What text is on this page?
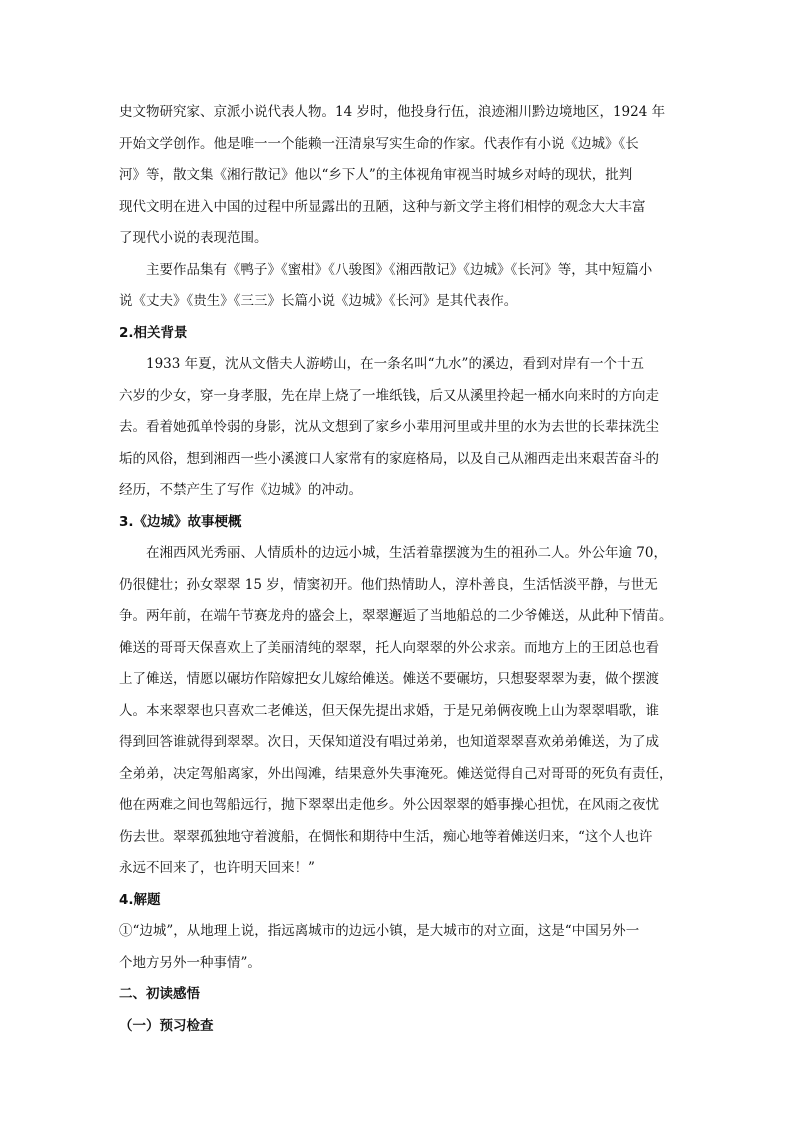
史文物研究家、京派小说代表人物。14 岁时，他投身行伍，浪迹湘川黔边境地区，1924 年
开始文学创作。他是唯一一个能赖一汪清泉写实生命的作家。代表作有小说《边城》《长
河》等，散文集《湘行散记》他以“乡下人”的主体视角审视当时城乡对峙的现状，批判
现代文明在进入中国的过程中所显露出的丑陋，这种与新文学主将们相悖的观念大大丰富
了现代小说的表现范围。
主要作品集有《鸭子》《蜜柑》《八骏图》《湘西散记》《边城》《长河》等，其中短篇小
说《丈夫》《贵生》《三三》长篇小说《边城》《长河》是其代表作。
2.相关背景
1933 年夏，沈从文偕夫人游崂山，在一条名叫“九水”的溪边，看到对岸有一个十五
六岁的少女，穿一身孝服，先在岸上烧了一堆纸钱，后又从溪里拎起一桶水向来时的方向走
去。看着她孤单怜弱的身影，沈从文想到了家乡小辈用河里或井里的水为去世的长辈抹洗尘
垢的风俗，想到湘西一些小溪渡口人家常有的家庭格局，以及自己从湘西走出来艰苦奋斗的
经历，不禁产生了写作《边城》的冲动。
3.《边城》故事梗概
在湘西风光秀丽、人情质朴的边远小城，生活着靠摆渡为生的祖孙二人。外公年逾 70，
仍很健壮；孙女翠翠 15 岁，情窦初开。他们热情助人，淳朴善良，生活恬淡平静，与世无
争。两年前，在端午节赛龙舟的盛会上，翠翠邂逅了当地船总的二少爷傩送，从此种下情苗。
傩送的哥哥天保喜欢上了美丽清纯的翠翠，托人向翠翠的外公求亲。而地方上的王团总也看
上了傩送，情愿以碾坊作陪嫁把女儿嫁给傩送。傩送不要碾坊，只想娶翠翠为妻，做个摆渡
人。本来翠翠也只喜欢二老傩送，但天保先提出求婚，于是兄弟俩夜晚上山为翠翠唱歌，谁
得到回答谁就得到翠翠。次日，天保知道没有唱过弟弟，也知道翠翠喜欢弟弟傩送，为了成
全弟弟，决定驾船离家，外出闯滩，结果意外失事淹死。傩送觉得自己对哥哥的死负有责任，
他在两难之间也驾船远行，抛下翠翠出走他乡。外公因翠翠的婚事操心担忧，在风雨之夜忧
伤去世。翠翠孤独地守着渡船，在惆怅和期待中生活，痴心地等着傩送归来，“这个人也许
永远不回来了，也许明天回来！”
4.解题
①“边城”，从地理上说，指远离城市的边远小镇，是大城市的对立面，这是“中国另外一
个地方另外一种事情”。
二、初读感悟
（一）预习检查
